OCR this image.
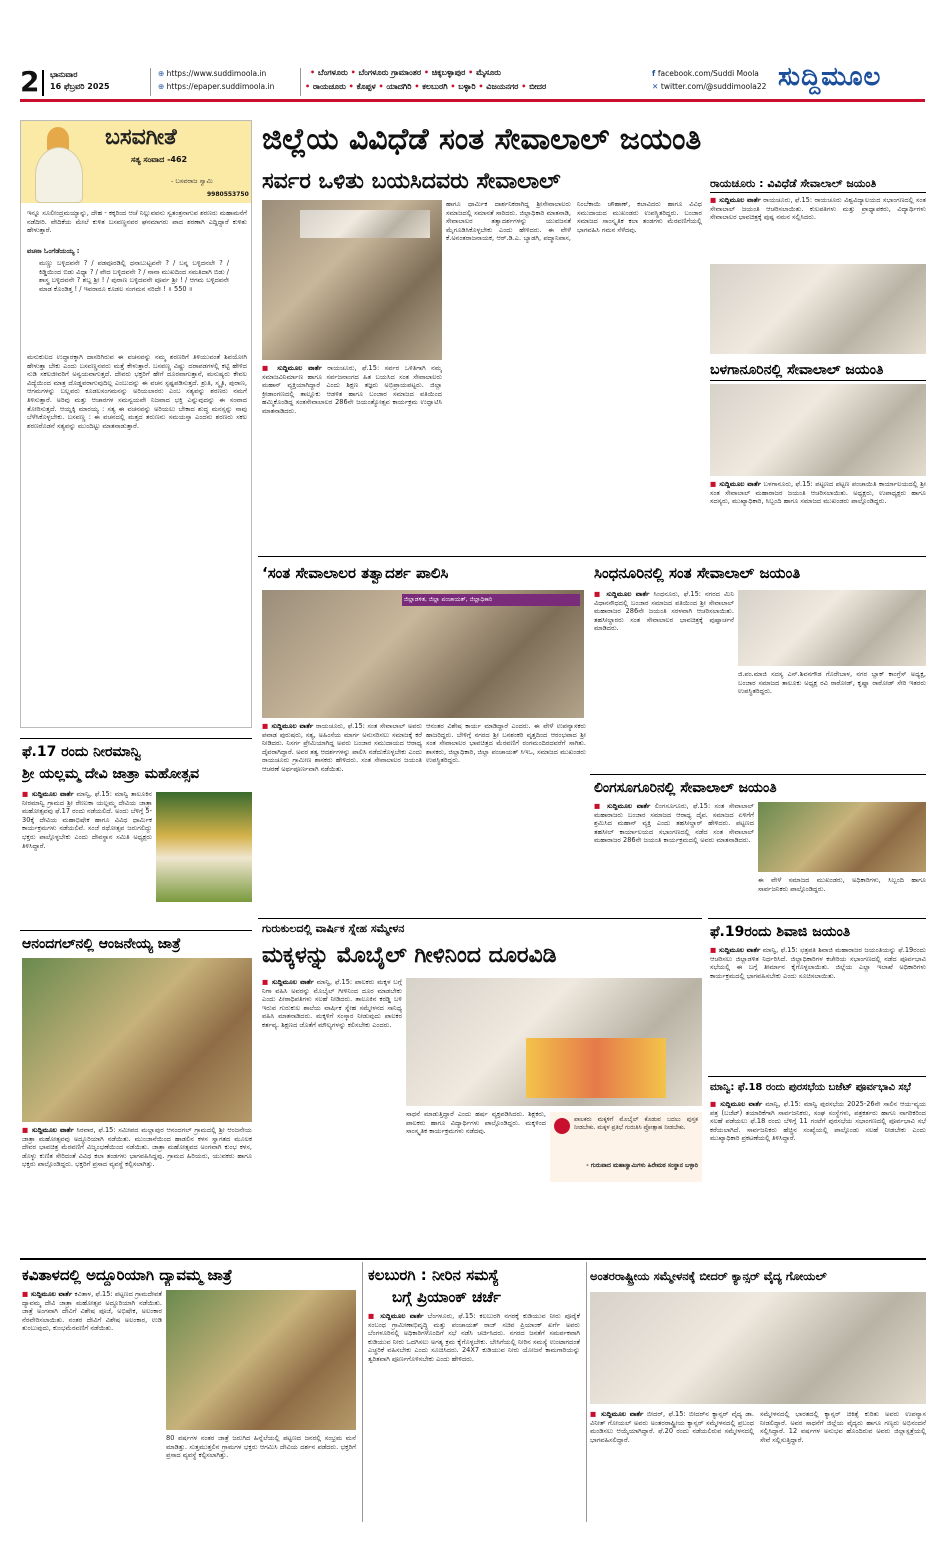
2 ಭಾನುವಾರ
16 ಫೆಬ್ರವರಿ 2025
⊕ https://www.suddimoola.in
⊕ https://epaper.suddimoola.in
• ಬೆಂಗಳೂರು • ಬೆಂಗಳೂರು ಗ್ರಾಮಾಂತರ • ಚಿಕ್ಕಬಳ್ಳಾಪುರ • ಮೈಸೂರು
• ರಾಯಚೂರು • ಕೊಪ್ಪಳ • ಯಾದಗಿರಿ • ಕಲಬುರಗಿ • ಬಳ್ಳಾರಿ • ವಿಜಯನಗರ • ಬೀದರ
f facebook.com/Suddi Moola
✕ twitter.com/@suddimoola22 ಸುದ್ದಿಮೂಲ
ಬಸವಗೀತೆ
ಸತ್ಯ ಸಂವಾದ -462
- ಬಸವರಾಜ ಸ್ವಾಮಿ
9980553750
ಇನ್ನೂ ಸೂಲೀಂದ್ರಮಯ್ಯಾನ್ನು, ದೇಹ - ಕಕ್ಕರಿಂದ ಆಚೆ ನಿಲ್ಲುವವನು ಸ್ವತಂತ್ರನಾಗುವ ಶರಣರು ಮಹಾಮನೆಗೆ ನಡೆದೀರಿ. ವೇದಿಕೆಯ ಮೇಲೆ ಕುಳಿತ ಬಸವಣ್ಣನವರ ಘನಮಾಗರು ಪಾದ ಶರಣಾಗಿ ಎದ್ದಿದ್ದಾರೆ ಕುಳಿತು ಹೇಳುತ್ತಾರೆ.
ವಚನಾ ಓಂಗೆಡೆಯಯ್ಯ :
ಮಣ್ಣು ಬಳ್ಳಿದವನೇ ? / ಪಡವೂರಡಿಲ್ಲಿ ಧನಾಬುಟ್ಟವನೇ ? / ಬನ್ನ ಬಳ್ಳಿದನಲೇ ? / ಕಿಡ್ಡಿಯಿಂದ ಬಿಡು ವಿಧ್ಯಾ ? / ವೇದ ಬಳ್ಳಿದವನೇ ? / ನಾನಾ ಮುಖದಿಂದ ಸಮತಿದಾಗಿ ಬಿಡು / ಶಾಸ್ತ್ರ ಬಳ್ಳಿದವನೇ ? ಶಬ್ದ ಶ್ರೀ ! / ಪುರಾಣ ಬಳ್ಳಿದವನೇ ಪೂರ್ವ ಶ್ರೀ ! / ಆಗಮ ಬಳ್ಳಿದವನೇ ಮಾಡ ಕೊಂಡಿತ್ತ ! / ಇವರಾರೂ ಕೂಡಲ ಸಂಗಮನ ನರಿದೇ ! ॥ 550 ॥
ಮನುಕುಲದ ಉದ್ಧಾರಕ್ಕಾಗಿ ದಾಸರಿಗಿರುವ ಈ ವಚನವನ್ನು ನಮ್ಮ ಶರಣರಿಗೆ ತಿಳಿಯುವಂತೆ ಶಿವಯೋಗಿ ಹೇಳುತ್ತಾ ಬೇಕು ಎಂದು ಬಸವಣ್ಣನವರು ಮತ್ತೆ ಕೇಳುತ್ತಾರೆ. ಬಸವಣ್ಣ ವಿಷ್ಣು ದರಾಪಡಗಳಲ್ಲಿ ಕಟ್ಟಿ ಹೇಳಿದ ನುಡಿ ಸಕಲಜೀವರಿಗೆ ಅನ್ವಯವಾಗುತ್ತದೆ. ದೇವರು ಭಕ್ತರಿಗೆ ಹೇಗೆ ದೂರವಾಗುತ್ತಾನೆ, ಮನುಷ್ಯರು ಕೇವಲ ವಿದ್ಯೆಯಿಂದ ಮಾತ್ರ ದೊಡ್ಡವರಾಗುವುದಿಲ್ಲ ಎಂಬುದನ್ನು ಈ ವಚನ ಸ್ಪಷ್ಟಪಡಿಸುತ್ತದೆ. ಶ್ರುತಿ, ಸ್ಮೃತಿ, ಪುರಾಣ, ಆಗಮಗಳನ್ನು ಬಲ್ಲವರು ಕೂಡಲಸಂಗಮನನ್ನು ಅರಿಯಲಾರರು ಎಂಬ ಸತ್ಯವನ್ನು ಶರಣರು ನಮಗೆ ತಿಳಿಸುತ್ತಾರೆ. ಅರಿವು ಮತ್ತು ಆಚಾರಗಳ ಸಮನ್ವಯವೇ ನಿಜವಾದ ಭಕ್ತಿ ಎನ್ನುವುದನ್ನು ಈ ಸಂವಾದ ತೋರಿಸುತ್ತದೆ. ಆಯ್ದಕ್ಕಿ ಮಾರಯ್ಯ : ಸತ್ಯ ಈ ವಚನವನ್ನು ಅರಿಯಲು ಬೇಕಾದ ಶುದ್ಧ ಮನಸ್ಸನ್ನು ನಾವು ಬೆಳೆಸಿಕೊಳ್ಳಬೇಕು. ಬಸವಣ್ಣ : ಈ ವಚನದಲ್ಲಿ ಮತ್ತದ ತರುಣನು ಸಮಯಸ್ತಾ ಎಂದನು ಶರಣರು ಸಕಲ ಶರಣರೊಡನೆ ಸತ್ಯವನ್ನು ಮುಂದಿಟ್ಟು ಮಾತನಾಡುತ್ತಾರೆ.
ಜಿಲ್ಲೆಯ ವಿವಿಧೆಡೆ ಸಂತ ಸೇವಾಲಾಲ್ ಜಯಂತಿ
ಸರ್ವರ ಒಳಿತು ಬಯಸಿದವರು ಸೇವಾಲಾಲ್
■ ಸುದ್ದಿಮೂಲ ವಾರ್ತೆ ರಾಯಚೂರು, ಫೆ.15: ಸರ್ವರ ಒಳಿತಿಗಾಗಿ ನಮ್ಮ ಸಮಾಜವಿನಿರ್ಮಾಣ ಹಾಗೂ ಸರ್ವಜನಾಂಗದ ಹಿತ ಬಯಸಿದ ಸಂತ ಸೇವಾಲಾಲರು ಮಹಾನ್ ವ್ಯಕ್ತಿಯಾಗಿದ್ದಾರೆ ಎಂದು ಶಿಕ್ಷಣ ತಜ್ಞರು ಅಭಿಪ್ರಾಯಪಟ್ಟರು. ಜಿಲ್ಲಾ ಕ್ರೀಡಾಂಗಣದಲ್ಲಿ ತಾಲ್ಲೂಕು ಆಡಳಿತ ಹಾಗೂ ಬಂಜಾರ ಸಮಾಜದ ವತಿಯಿಂದ ಹಮ್ಮಿಕೊಂಡಿದ್ದ ಸಂತಸೇವಾಲಾಲರ 286ನೇ ಜಯಂತ್ಯೋತ್ಸವ ಕಾರ್ಯಕ್ರಮ ಉದ್ಘಾಟಿಸಿ ಮಾತನಾಡಿದರು.
ಹಾಗೂ ಧಾರ್ಮಿಕ ದಾರ್ಶನಿಕರಾಗಿದ್ದ ಶ್ರೀಸೇವಾಲಾಲರು ಸಮಾಜದಲ್ಲಿ ಸಮಾನತೆ ಸಾರಿದರು. ಜಿಲ್ಲಾಧಿಕಾರಿ ಮಾತನಾಡಿ, ಸೇವಾಲಾಲರ ತತ್ವಾದರ್ಶಗಳನ್ನು ಯುವಜನತೆ ಮೈಗೂಡಿಸಿಕೊಳ್ಳಬೇಕು ಎಂದು ಹೇಳಿದರು. ಈ ವೇಳೆ ಕೆ.ಅನಂತರಾಜನಾಯಕ, ಆರ್.ಡಿ.ಎ. ಬ್ಯಾಡಗಿ, ಪದ್ಮಾನಿವಾಸ, ನಿಂಬೆಕಾಯಿ ಚೌಹಾಣ್, ಕಲಾವಿದರು ಹಾಗೂ ವಿವಿಧ ಸಮುದಾಯದ ಮುಖಂಡರು ಉಪಸ್ಥಿತರಿದ್ದರು. ಬಂಜಾರ ಸಮಾಜದ ಸಾಂಸ್ಕೃತಿಕ ಕಲಾ ತಂಡಗಳು ಮೆರವಣಿಗೆಯಲ್ಲಿ ಭಾಗವಹಿಸಿ ಗಮನ ಸೆಳೆದವು.
ರಾಯಚೂರು : ವಿವಿಧೆಡೆ ಸೇವಾಲಾಲ್ ಜಯಂತಿ
■ ಸುದ್ದಿಮೂಲ ವಾರ್ತೆ ರಾಯಚೂರು, ಫೆ.15: ರಾಯಚೂರು ವಿಶ್ವವಿದ್ಯಾಲಯದ ಸಭಾಂಗಣದಲ್ಲಿ ಸಂತ ಸೇವಾಲಾಲ್ ಜಯಂತಿ ಆಚರಿಸಲಾಯಿತು. ಕುಲಪತಿಗಳು ಮತ್ತು ಪ್ರಾಧ್ಯಾಪಕರು, ವಿದ್ಯಾರ್ಥಿಗಳು ಸೇವಾಲಾಲರ ಭಾವಚಿತ್ರಕ್ಕೆ ಪುಷ್ಪ ನಮನ ಸಲ್ಲಿಸಿದರು.
ಬಳಗಾನೂರಿನಲ್ಲಿ ಸೇವಾಲಾಲ್ ಜಯಂತಿ
■ ಸುದ್ದಿಮೂಲ ವಾರ್ತೆ ಬಳಗಾನೂರು, ಫೆ.15: ಪಟ್ಟಣದ ಪಟ್ಟಣ ಪಂಚಾಯಿತಿ ಕಾರ್ಯಾಲಯದಲ್ಲಿ ಶ್ರೀ ಸಂತ ಸೇವಾಲಾಲ್ ಮಹಾರಾಜರ ಜಯಂತಿ ಆಚರಿಸಲಾಯಿತು. ಅಧ್ಯಕ್ಷರು, ಉಪಾಧ್ಯಕ್ಷರು ಹಾಗೂ ಸದಸ್ಯರು, ಮುಖ್ಯಾಧಿಕಾರಿ, ಸಿಬ್ಬಂದಿ ಹಾಗೂ ಸಮಾಜದ ಮುಖಂಡರು ಪಾಲ್ಗೊಂಡಿದ್ದರು.
‘ಸಂತ ಸೇವಾಲಾಲರ ತತ್ವಾದರ್ಶ ಪಾಲಿಸಿ
ಜಿಲ್ಲಾಡಳಿತ, ಜಿಲ್ಲಾ ಪಂಚಾಯತ್, ಜಿಲ್ಲಾಧಿಕಾರಿ
■ ಸುದ್ದಿಮೂಲ ವಾರ್ತೆ ರಾಯಚೂರು, ಫೆ.15: ಸಂತ ಸೇವಾಲಾಲ್ ಅವರು ಪವಾಡ ಪುರುಷರು, ಸತ್ಯ, ಅಹಿಂಸೆಯ ಮಾರ್ಗ ಅನುಸರಿಸಲು ಸಮಾಜಕ್ಕೆ ಕರೆ ನೀಡಿದರು. ನಿಸರ್ಗ ಪ್ರೇಮಿಯಾಗಿದ್ದ ಅವರು ಬಂಜಾರ ಸಮುದಾಯದ ಆರಾಧ್ಯ ದೈವರಾಗಿದ್ದಾರೆ. ಅವರ ತತ್ವ ಆದರ್ಶಗಳನ್ನು ಪಾಲಿಸಿ ನಡೆದುಕೊಳ್ಳಬೇಕು ಎಂದು ರಾಯಚೂರು ಗ್ರಾಮೀಣ ಶಾಸಕರು ಹೇಳಿದರು. ಸಂತ ಸೇವಾಲಾಲರ ಜಯಂತಿ ಆಚರಣೆ ಅರ್ಥಪೂರ್ಣವಾಗಿ ನಡೆಯಿತು.
ಆನಂತರ ವಿಶೇಷ ಕಾರ್ಯ ಮಾಡಿದ್ದಾರೆ ಎಂದರು. ಈ ವೇಳೆ ಉಪನ್ಯಾಸಕರು ಹಾಜರಿದ್ದರು. ಬೇಳಿಗ್ಗೆ ನಗರದ ಶ್ರೀ ಬನಶಂಕರಿ ವೃತ್ತದಿಂದ ಆರಂಭವಾದ ಶ್ರೀ ಸಂತ ಸೇವಾಲಾಲರ ಭಾವಚಿತ್ರದ ಮೆರವಣಿಗೆ ರಂಗಮಂದಿರದವರೆಗೆ ಸಾಗಿತು. ಶಾಸಕರು, ಜಿಲ್ಲಾಧಿಕಾರಿ, ಜಿಲ್ಲಾ ಪಂಚಾಯತ್ ಸಿಇಒ, ಸಮಾಜದ ಮುಖಂಡರು ಉಪಸ್ಥಿತರಿದ್ದರು.
ಸಿಂಧನೂರಿನಲ್ಲಿ ಸಂತ ಸೇವಾಲಾಲ್ ಜಯಂತಿ
■ ಸುದ್ದಿಮೂಲ ವಾರ್ತೆ ಸಿಂಧನೂರು, ಫೆ.15: ನಗರದ ಮಿನಿ ವಿಧಾನಸೌಧದಲ್ಲಿ ಬಂಜಾರ ಸಮಾಜದ ವತಿಯಿಂದ ಶ್ರೀ ಸೇವಾಲಾಲ್ ಮಹಾರಾಜರ 286ನೇ ಜಯಂತಿ ಸರಳವಾಗಿ ಆಚರಿಸಲಾಯಿತು. ತಹಸೀಲ್ದಾರರು ಸಂತ ಸೇವಾಲಾಲರ ಭಾವಚಿತ್ರಕ್ಕೆ ಪುಷ್ಪಾರ್ಚನೆ ಮಾಡಿದರು.
ಜಿ.ಪಂ.ಮಾಜಿ ಸದಸ್ಯ ಎನ್.ಶಿವನಗೌಡ ಗೊರೇಬಾಳ, ನಗರ ಬ್ಲಾಕ್ ಕಾಂಗ್ರೆಸ್ ಅಧ್ಯಕ್ಷ, ಬಂಜಾರ ಸಮಾಜದ ತಾಲೂಕು ಅಧ್ಯಕ್ಷ ರವಿ ರಾಠೋಡ್, ಕೃಷ್ಣಾ ರಾಠೋಡ್ ಸೇರಿ ಇತರರು ಉಪಸ್ಥಿತರಿದ್ದರು.
ಲಿಂಗಸೂಗೂರಿನಲ್ಲಿ ಸೇವಾಲಾಲ್ ಜಯಂತಿ
■ ಸುದ್ದಿಮೂಲ ವಾರ್ತೆ ಲಿಂಗಸೂಗೂರು, ಫೆ.15: ಸಂತ ಸೇವಾಲಾಲ್ ಮಹಾರಾಜರು ಬಂಜಾರ ಸಮಾಜದ ಆರಾಧ್ಯ ದೈವ. ಸಮಾಜದ ಏಳಿಗೆಗೆ ಶ್ರಮಿಸಿದ ಮಹಾನ್ ವ್ಯಕ್ತಿ ಎಂದು ತಹಸೀಲ್ದಾರ್ ಹೇಳಿದರು. ಪಟ್ಟಣದ ತಹಸೀಲ್ ಕಾರ್ಯಾಲಯದ ಸಭಾಂಗಣದಲ್ಲಿ ನಡೆದ ಸಂತ ಸೇವಾಲಾಲ್ ಮಹಾರಾಜರ 286ನೇ ಜಯಂತಿ ಕಾರ್ಯಕ್ರಮದಲ್ಲಿ ಅವರು ಮಾತನಾಡಿದರು.
ಈ ವೇಳೆ ಸಮಾಜದ ಮುಖಂಡರು, ಅಧಿಕಾರಿಗಳು, ಸಿಬ್ಬಂದಿ ಹಾಗೂ ಸಾರ್ವಜನಿಕರು ಪಾಲ್ಗೊಂಡಿದ್ದರು.
ಫೆ.17 ರಂದು ನೀರಮಾನ್ವಿ
ಶ್ರೀ ಯಲ್ಲಮ್ಮ ದೇವಿ ಜಾತ್ರಾ ಮಹೋತ್ಸವ
■ ಸುದ್ದಿಮೂಲ ವಾರ್ತೆ ಮಾನ್ವಿ, ಫೆ.15: ಮಾನ್ವಿ ತಾಲೂಕಿನ ನೀರಮಾನ್ವಿ ಗ್ರಾಮದ ಶ್ರೀ ರೇಣುಕಾ ಯಲ್ಲಮ್ಮ ದೇವಿಯ ಜಾತ್ರಾ ಮಹೋತ್ಸವವು ಫೆ.17 ರಂದು ನಡೆಯಲಿದೆ. ಅಂದು ಬೆಳಿಗ್ಗೆ 5-30ಕ್ಕೆ ದೇವಿಯ ಮಹಾಭಿಷೇಕ ಹಾಗೂ ವಿವಿಧ ಧಾರ್ಮಿಕ ಕಾರ್ಯಕ್ರಮಗಳು ನಡೆಯಲಿವೆ. ಸಂಜೆ ರಥೋತ್ಸವ ಜರುಗಲಿದ್ದು ಭಕ್ತರು ಪಾಲ್ಗೊಳ್ಳಬೇಕು ಎಂದು ದೇವಸ್ಥಾನ ಸಮಿತಿ ಅಧ್ಯಕ್ಷರು ತಿಳಿಸಿದ್ದಾರೆ.
ಆನಂದಗಲ್‌ನಲ್ಲಿ ಆಂಜನೇಯ್ಯ ಜಾತ್ರೆ
■ ಸುದ್ದಿಮೂಲ ವಾರ್ತೆ ಸಿರವಾರ, ಫೆ.15: ಸಮೀಪದ ಮಲ್ಲಾಪುರ ಆನಂದಗಲ್ ಗ್ರಾಮದಲ್ಲಿ ಶ್ರೀ ಆಂಜನೇಯ ಜಾತ್ರಾ ಮಹೋತ್ಸವವು ಅದ್ದೂರಿಯಾಗಿ ನಡೆಯಿತು. ಮುಂಜಾನೆಯಿಂದ ಹಾಡಲಿನ ಕಳಸ ಸ್ವಾಗತದ ಮೂಲಕ ದೇವರ ಭಾವಚಿತ್ರ ಮೆರವಣಿಗೆ ವಿಜೃಂಭಣೆಯಿಂದ ನಡೆಯಿತು. ಜಾತ್ರಾ ಮಹೋತ್ಸವದ ಅಂಗವಾಗಿ ಕುಂಭ ಕಳಸ, ಡೊಳ್ಳು ಕುಣಿತ ಸೇರಿದಂತೆ ವಿವಿಧ ಕಲಾ ತಂಡಗಳು ಭಾಗವಹಿಸಿದ್ದವು. ಗ್ರಾಮದ ಹಿರಿಯರು, ಯುವಕರು ಹಾಗೂ ಭಕ್ತರು ಪಾಲ್ಗೊಂಡಿದ್ದರು. ಭಕ್ತರಿಗೆ ಪ್ರಸಾದ ವ್ಯವಸ್ಥೆ ಕಲ್ಪಿಸಲಾಗಿತ್ತು.
ಗುರುಕುಲದಲ್ಲಿ ವಾರ್ಷಿಕ ಸ್ನೇಹ ಸಮ್ಮೇಳನ
ಮಕ್ಕಳನ್ನು ಮೊಬೈಲ್ ಗೀಳಿನಿಂದ ದೂರವಿಡಿ
■ ಸುದ್ದಿಮೂಲ ವಾರ್ತೆ ಮಾನ್ವಿ, ಫೆ.15: ಪಾಲಕರು ಮಕ್ಕಳ ಬಗ್ಗೆ ನಿಗಾ ವಹಿಸಿ ಅವರನ್ನು ಮೊಬೈಲ್ ಗೀಳಿನಿಂದ ದೂರ ಮಾಡಬೇಕು ಎಂದು ಪೀಠಾಧಿಪತಿಗಳು ಸಲಹೆ ನೀಡಿದರು. ತಾಲೂಕಿನ ಕರಡ್ಡಿ ಬಳಿ ಇರುವ ಗುರುಕುಲ ಶಾಲೆಯ ವಾರ್ಷಿಕ ಸ್ನೇಹ ಸಮ್ಮೇಳನದ ಸಾನಿಧ್ಯ ವಹಿಸಿ ಮಾತನಾಡಿದರು. ಮಕ್ಕಳಿಗೆ ಸಂಸ್ಕಾರ ನೀಡುವುದು ಪಾಲಕರ ಕರ್ತವ್ಯ. ಶಿಕ್ಷಣದ ಜೊತೆಗೆ ಮೌಲ್ಯಗಳನ್ನು ಕಲಿಸಬೇಕು ಎಂದರು.
ಸಾಧನೆ ಮಾಡುತ್ತಿದ್ದಾರೆ ಎಂದು ಹರ್ಷ ವ್ಯಕ್ತಪಡಿಸಿದರು. ಶಿಕ್ಷಕರು, ಪಾಲಕರು ಹಾಗೂ ವಿದ್ಯಾರ್ಥಿಗಳು ಪಾಲ್ಗೊಂಡಿದ್ದರು. ಮಕ್ಕಳಿಂದ ಸಾಂಸ್ಕೃತಿಕ ಕಾರ್ಯಕ್ರಮಗಳು ನಡೆದವು.
ಪಾಲಕರು ಮಕ್ಕಳಿಗೆ ಮೊಬೈಲ್ ಕೊಡುವ ಬದಲು ಪುಸ್ತಕ ನೀಡಬೇಕು. ಮಕ್ಕಳ ಪ್ರತಿಭೆ ಗುರುತಿಸಿ ಪ್ರೋತ್ಸಾಹ ನೀಡಬೇಕು.
- ಗುರುಪಾದ ಮಹಾಸ್ವಾಮಿಗಳು ಹಿರೇಮಠ ಸಂಸ್ಥಾನ ಬಳ್ಳಾರಿ
ಫೆ.19ರಂದು ಶಿವಾಜಿ ಜಯಂತಿ
■ ಸುದ್ದಿಮೂಲ ವಾರ್ತೆ ಮಾನ್ವಿ, ಫೆ.15: ಛತ್ರಪತಿ ಶಿವಾಜಿ ಮಹಾರಾಜರ ಜಯಂತಿಯನ್ನು ಫೆ.19ರಂದು ಆಚರಿಸಲು ಜಿಲ್ಲಾಡಳಿತ ನಿರ್ಧರಿಸಿದೆ. ಜಿಲ್ಲಾಧಿಕಾರಿಗಳ ಕಚೇರಿಯ ಸಭಾಂಗಣದಲ್ಲಿ ನಡೆದ ಪೂರ್ವಭಾವಿ ಸಭೆಯಲ್ಲಿ ಈ ಬಗ್ಗೆ ತೀರ್ಮಾನ ಕೈಗೊಳ್ಳಲಾಯಿತು. ಜಿಲ್ಲೆಯ ಎಲ್ಲಾ ಇಲಾಖೆ ಅಧಿಕಾರಿಗಳು ಕಾರ್ಯಕ್ರಮದಲ್ಲಿ ಭಾಗವಹಿಸಬೇಕು ಎಂದು ಸೂಚಿಸಲಾಯಿತು.
ಮಾನ್ವಿ: ಫೆ.18 ರಂದು ಪುರಸಭೆಯ ಬಜೆಟ್ ಪೂರ್ವಭಾವಿ ಸಭೆ
■ ಸುದ್ದಿಮೂಲ ವಾರ್ತೆ ಮಾನ್ವಿ, ಫೆ.15: ಮಾನ್ವಿ ಪುರಸಭೆಯ 2025-26ನೇ ಸಾಲಿನ ಆಯ-ವ್ಯಯ ಪತ್ರ (ಬಜೆಟ್) ತಯಾರಿಕೆಗಾಗಿ ಸಾರ್ವಜನಿಕರು, ಸಂಘ ಸಂಸ್ಥೆಗಳು, ಪತ್ರಕರ್ತರು ಹಾಗೂ ನಾಗರಿಕರಿಂದ ಸಲಹೆ ಪಡೆಯಲು ಫೆ.18 ರಂದು ಬೆಳಿಗ್ಗೆ 11 ಗಂಟೆಗೆ ಪುರಸಭೆಯ ಸಭಾಂಗಣದಲ್ಲಿ ಪೂರ್ವಭಾವಿ ಸಭೆ ಕರೆಯಲಾಗಿದೆ. ಸಾರ್ವಜನಿಕರು ಹೆಚ್ಚಿನ ಸಂಖ್ಯೆಯಲ್ಲಿ ಪಾಲ್ಗೊಂಡು ಸಲಹೆ ನೀಡಬೇಕು ಎಂದು ಮುಖ್ಯಾಧಿಕಾರಿ ಪ್ರಕಟಣೆಯಲ್ಲಿ ತಿಳಿಸಿದ್ದಾರೆ.
ಕವಿತಾಳದಲ್ಲಿ ಅದ್ದೂರಿಯಾಗಿ ದ್ಯಾವಮ್ಮ ಜಾತ್ರೆ
■ ಸುದ್ದಿಮೂಲ ವಾರ್ತೆ ಕವಿತಾಳ, ಫೆ.15: ಪಟ್ಟಣದ ಗ್ರಾಮದೇವತೆ ದ್ಯಾವಮ್ಮ ದೇವಿ ಜಾತ್ರಾ ಮಹೋತ್ಸವ ಅದ್ದೂರಿಯಾಗಿ ನಡೆಯಿತು. ಜಾತ್ರೆ ಅಂಗವಾಗಿ ದೇವಿಗೆ ವಿಶೇಷ ಪೂಜೆ, ಅಭಿಷೇಕ, ಅಲಂಕಾರ ನೆರವೇರಿಸಲಾಯಿತು. ನಂತರ ದೇವಿಗೆ ವಿಶೇಷ ಅಲಂಕಾರ, ಉಡಿ ತುಂಬುವುದು, ಕುಂಭಮೆರವಣಿಗೆ ನಡೆಯಿತು.
80 ವರ್ಷಗಳ ನಂತರ ಜಾತ್ರೆ ಜರುಗಿದ ಹಿನ್ನೆಲೆಯಲ್ಲಿ ಪಟ್ಟಣದ ಜನರಲ್ಲಿ ಸಂಭ್ರಮ ಮನೆ ಮಾಡಿತ್ತು. ಸುತ್ತಮುತ್ತಲಿನ ಗ್ರಾಮಗಳ ಭಕ್ತರು ಆಗಮಿಸಿ ದೇವಿಯ ದರ್ಶನ ಪಡೆದರು. ಭಕ್ತರಿಗೆ ಪ್ರಸಾದ ವ್ಯವಸ್ಥೆ ಕಲ್ಪಿಸಲಾಗಿತ್ತು.
ಕಲಬುರಗಿ : ನೀರಿನ ಸಮಸ್ಯೆ
ಬಗ್ಗೆ ಪ್ರಿಯಾಂಕ್ ಚರ್ಚೆ
■ ಸುದ್ದಿಮೂಲ ವಾರ್ತೆ ಬೆಂಗಳೂರು, ಫೆ.15: ಕಲಬುರಗಿ ನಗರಕ್ಕೆ ಕುಡಿಯುವ ನೀರು ಪೂರೈಕೆ ಸಂಬಂಧ ಗ್ರಾಮೀಣಾಭಿವೃದ್ಧಿ ಮತ್ತು ಪಂಚಾಯತ್ ರಾಜ್ ಸಚಿವ ಪ್ರಿಯಾಂಕ್ ಖರ್ಗೆ ಅವರು ಬೆಂಗಳೂರಿನಲ್ಲಿ ಅಧಿಕಾರಿಗಳೊಂದಿಗೆ ಸಭೆ ನಡೆಸಿ ಚರ್ಚಿಸಿದರು. ನಗರದ ಜನತೆಗೆ ಸಮರ್ಪಕವಾಗಿ ಕುಡಿಯುವ ನೀರು ಒದಗಿಸಲು ಅಗತ್ಯ ಕ್ರಮ ಕೈಗೊಳ್ಳಬೇಕು. ಬೇಸಿಗೆಯಲ್ಲಿ ನೀರಿನ ಸಮಸ್ಯೆ ಉಂಟಾಗದಂತೆ ಎಚ್ಚರಿಕೆ ವಹಿಸಬೇಕು ಎಂದು ಸೂಚಿಸಿದರು. 24X7 ಕುಡಿಯುವ ನೀರು ಯೋಜನೆ ಕಾಮಗಾರಿಯನ್ನು ತ್ವರಿತವಾಗಿ ಪೂರ್ಣಗೊಳಿಸಬೇಕು ಎಂದು ಹೇಳಿದರು.
ಅಂತರರಾಷ್ಟ್ರೀಯ ಸಮ್ಮೇಳನಕ್ಕೆ ಬೀದರ್ ಕ್ಯಾನ್ಸರ್ ವೈದ್ಯ ಗೋಯಲ್
■ ಸುದ್ದಿಮೂಲ ವಾರ್ತೆ ಬೀದರ್, ಫೆ.15: ಬೀದರ್‌ನ ಕ್ಯಾನ್ಸರ್ ವೈದ್ಯ ಡಾ. ವಿನೀತ್ ಗೋಯಲ್ ಅವರು ಅಂತರರಾಷ್ಟ್ರೀಯ ಕ್ಯಾನ್ಸರ್ ಸಮ್ಮೇಳನದಲ್ಲಿ ಪ್ರಬಂಧ ಮಂಡಿಸಲು ಆಯ್ಕೆಯಾಗಿದ್ದಾರೆ. ಫೆ.20 ರಂದು ನಡೆಯಲಿರುವ ಸಮ್ಮೇಳನದಲ್ಲಿ ಭಾಗವಹಿಸಲಿದ್ದಾರೆ.
ಸಮ್ಮೇಳನದಲ್ಲಿ ಭಾರತದಲ್ಲಿ ಕ್ಯಾನ್ಸರ್ ಚಿಕಿತ್ಸೆ ಕುರಿತು ಅವರು ಉಪನ್ಯಾಸ ನೀಡಲಿದ್ದಾರೆ. ಅವರ ಸಾಧನೆಗೆ ಜಿಲ್ಲೆಯ ವೈದ್ಯರು ಹಾಗೂ ಗಣ್ಯರು ಅಭಿನಂದನೆ ಸಲ್ಲಿಸಿದ್ದಾರೆ. 12 ವರ್ಷಗಳ ಅನುಭವ ಹೊಂದಿರುವ ಅವರು ಜಿಲ್ಲಾಸ್ಪತ್ರೆಯಲ್ಲಿ ಸೇವೆ ಸಲ್ಲಿಸುತ್ತಿದ್ದಾರೆ.
